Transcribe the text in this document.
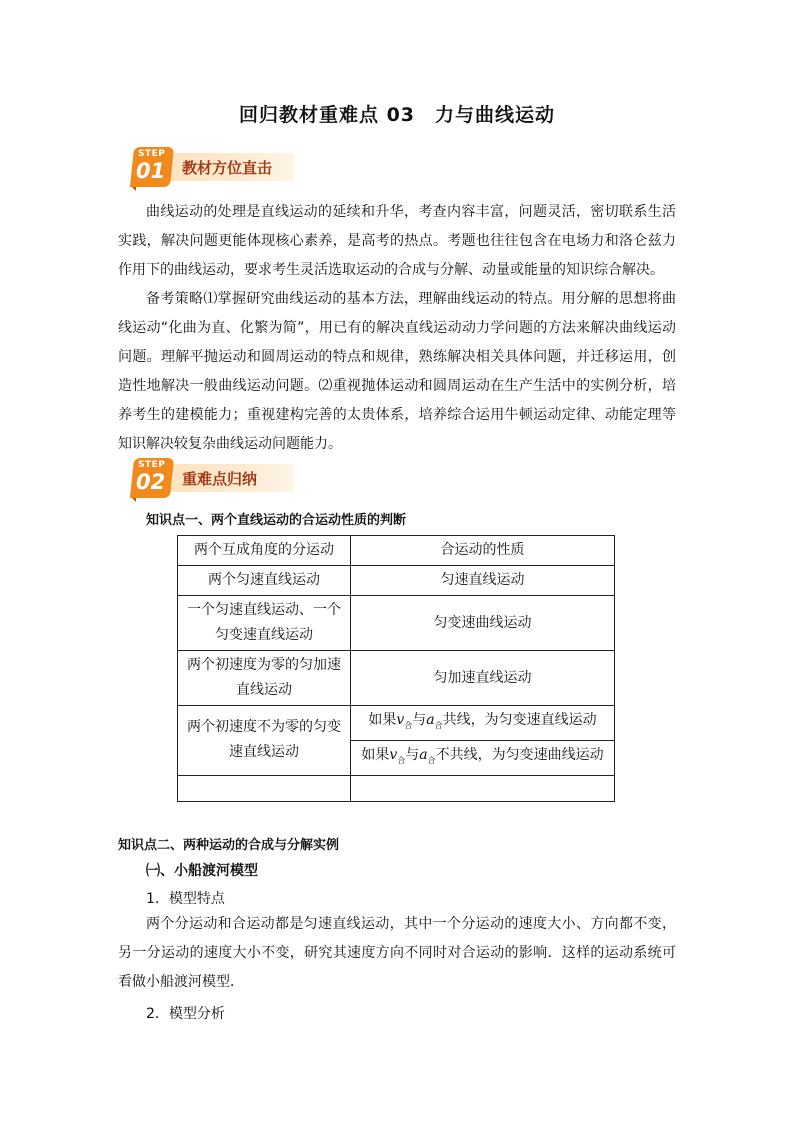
回归教材重难点 03　力与曲线运动
STEP
01 教材方位直击

曲线运动的处理是直线运动的延续和升华，考查内容丰富，问题灵活，密切联系生活实践，解决问题更能体现核心素养，是高考的热点。考题也往往包含在电场力和洛仑兹力作用下的曲线运动，要求考生灵活选取运动的合成与分解、动量或能量的知识综合解决。

备考策略⑴掌握研究曲线运动的基本方法，理解曲线运动的特点。用分解的思想将曲线运动“化曲为直、化繁为简”，用已有的解决直线运动动力学问题的方法来解决曲线运动问题。理解平抛运动和圆周运动的特点和规律，熟练解决相关具体问题，并迁移运用，创造性地解决一般曲线运动问题。⑵重视抛体运动和圆周运动在生产生活中的实例分析，培养考生的建模能力；重视建构完善的太贵体系，培养综合运用牛顿运动定律、动能定理等知识解决较复杂曲线运动问题能力。

STEP
02 重难点归纳
知识点一、两个直线运动的合运动性质的判断
两个互成角度的分运动	合运动的性质
两个匀速直线运动	匀速直线运动
一个匀速直线运动、一个匀变速直线运动	匀变速曲线运动
两个初速度为零的匀加速直线运动	匀加速直线运动
两个初速度不为零的匀变速直线运动	如果$v_合$与$a_合$共线，为匀变速直线运动
	如果$v_合$与$a_合$不共线，为匀变速曲线运动

知识点二、两种运动的合成与分解实例
㈠、小船渡河模型
1．模型特点

两个分运动和合运动都是匀速直线运动，其中一个分运动的速度大小、方向都不变，另一分运动的速度大小不变，研究其速度方向不同时对合运动的影响．这样的运动系统可看做小船渡河模型．

2．模型分析
